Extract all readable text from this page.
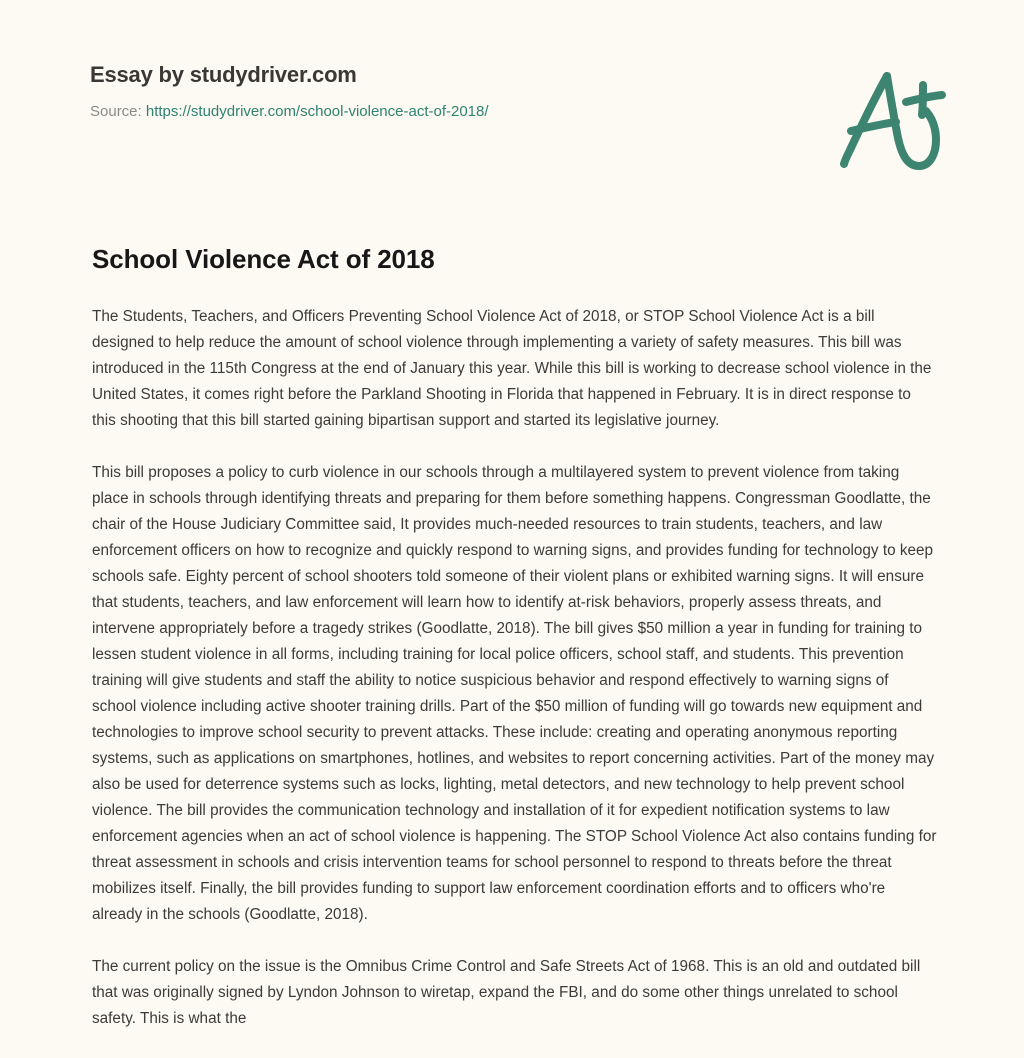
Essay by studydriver.com
Source: https://studydriver.com/school-violence-act-of-2018/
School Violence Act of 2018

The Students, Teachers, and Officers Preventing School Violence Act of 2018, or STOP School Violence Act is a bill designed to help reduce the amount of school violence through implementing a variety of safety measures. This bill was introduced in the 115th Congress at the end of January this year. While this bill is working to decrease school violence in the United States, it comes right before the Parkland Shooting in Florida that happened in February. It is in direct response to this shooting that this bill started gaining bipartisan support and started its legislative journey.

This bill proposes a policy to curb violence in our schools through a multilayered system to prevent violence from taking place in schools through identifying threats and preparing for them before something happens. Congressman Goodlatte, the chair of the House Judiciary Committee said, It provides much-needed resources to train students, teachers, and law enforcement officers on how to recognize and quickly respond to warning signs, and provides funding for technology to keep schools safe. Eighty percent of school shooters told someone of their violent plans or exhibited warning signs. It will ensure that students, teachers, and law enforcement will learn how to identify at-risk behaviors, properly assess threats, and intervene appropriately before a tragedy strikes (Goodlatte, 2018). The bill gives $50 million a year in funding for training to lessen student violence in all forms, including training for local police officers, school staff, and students. This prevention training will give students and staff the ability to notice suspicious behavior and respond effectively to warning signs of school violence including active shooter training drills. Part of the $50 million of funding will go towards new equipment and technologies to improve school security to prevent attacks. These include: creating and operating anonymous reporting systems, such as applications on smartphones, hotlines, and websites to report concerning activities. Part of the money may also be used for deterrence systems such as locks, lighting, metal detectors, and new technology to help prevent school violence. The bill provides the communication technology and installation of it for expedient notification systems to law enforcement agencies when an act of school violence is happening. The STOP School Violence Act also contains funding for threat assessment in schools and crisis intervention teams for school personnel to respond to threats before the threat mobilizes itself. Finally, the bill provides funding to support law enforcement coordination efforts and to officers who're already in the schools (Goodlatte, 2018).

The current policy on the issue is the Omnibus Crime Control and Safe Streets Act of 1968. This is an old and outdated bill that was originally signed by Lyndon Johnson to wiretap, expand the FBI, and do some other things unrelated to school safety. This is what the
